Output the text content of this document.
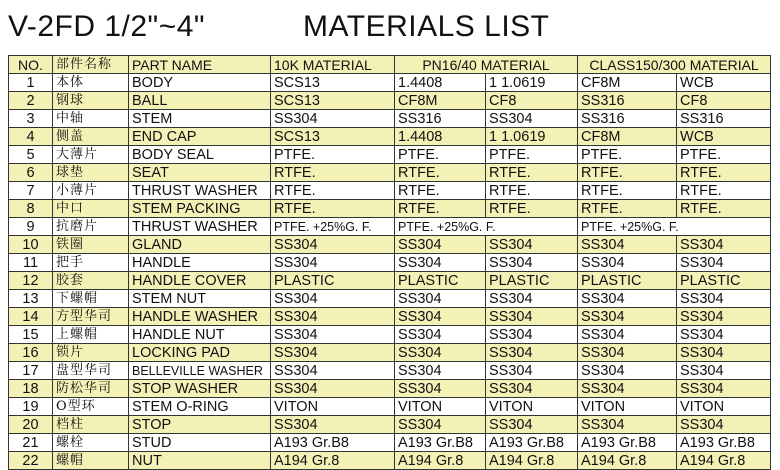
V-2FD 1/2"~4"	MATERIALS LIST
NO.	部件名称	PART NAME	10K MATERIAL	PN16/40 MATERIAL		CLASS150/300 MATERIAL	
1	本体	BODY	SCS13	1.4408	1 1.0619	CF8M	WCB
2	钢球	BALL	SCS13	CF8M	CF8	SS316	CF8
3	中轴	STEM	SS304	SS316	SS304	SS316	SS316
4	侧盖	END CAP	SCS13	1.4408	1 1.0619	CF8M	WCB
5	大薄片	BODY SEAL	PTFE.	PTFE.	PTFE.	PTFE.	PTFE.
6	球垫	SEAT	RTFE.	RTFE.	RTFE.	RTFE.	RTFE.
7	小薄片	THRUST WASHER	RTFE.	RTFE.	RTFE.	RTFE.	RTFE.
8	中口	STEM PACKING	RTFE.	RTFE.	RTFE.	RTFE.	RTFE.
9	抗磨片	THRUST WASHER	PTFE. +25%G. F.	PTFE. +25%G. F.		PTFE. +25%G. F.	
10	铁圈	GLAND	SS304	SS304	SS304	SS304	SS304
11	把手	HANDLE	SS304	SS304	SS304	SS304	SS304
12	胶套	HANDLE COVER	PLASTIC	PLASTIC	PLASTIC	PLASTIC	PLASTIC
13	下螺帽	STEM NUT	SS304	SS304	SS304	SS304	SS304
14	方型华司	HANDLE WASHER	SS304	SS304	SS304	SS304	SS304
15	上螺帽	HANDLE NUT	SS304	SS304	SS304	SS304	SS304
16	锁片	LOCKING PAD	SS304	SS304	SS304	SS304	SS304
17	盘型华司	BELLEVILLE WASHER	SS304	SS304	SS304	SS304	SS304
18	防松华司	STOP WASHER	SS304	SS304	SS304	SS304	SS304
19	O型环	STEM O-RING	VITON	VITON	VITON	VITON	VITON
20	档柱	STOP	SS304	SS304	SS304	SS304	SS304
21	螺栓	STUD	A193 Gr.B8	A193 Gr.B8	A193 Gr.B8	A193 Gr.B8	A193 Gr.B8
22	螺帽	NUT	A194 Gr.8	A194 Gr.8	A194 Gr.8	A194 Gr.8	A194 Gr.8
